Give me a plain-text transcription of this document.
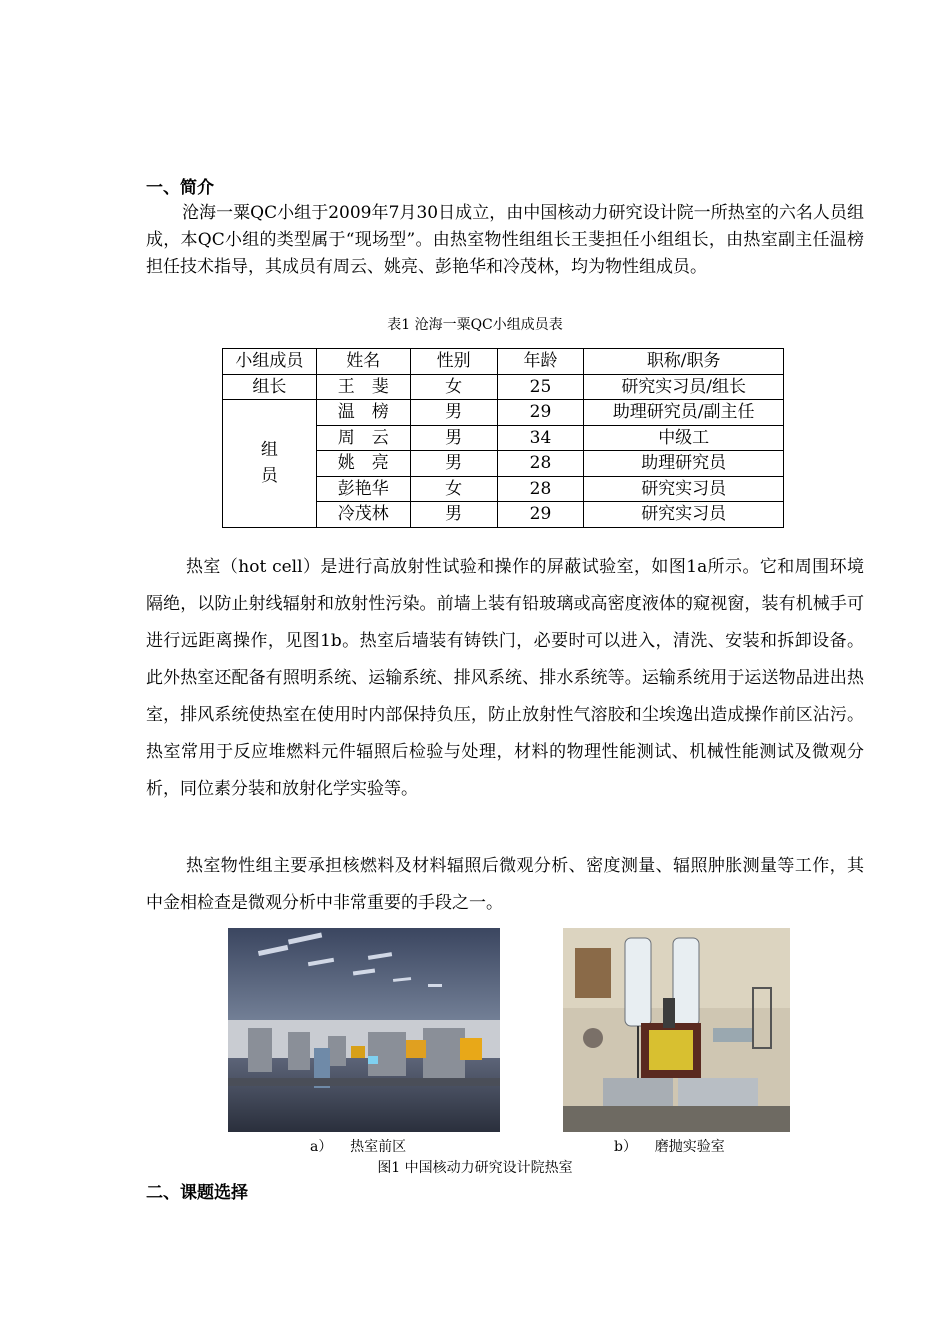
一、简介

沧海一粟QC小组于2009年7月30日成立，由中国核动力研究设计院一所热室的六名人员组成，本QC小组的类型属于“现场型”。由热室物性组组长王斐担任小组组长，由热室副主任温榜担任技术指导，其成员有周云、姚亮、彭艳华和冷茂林，均为物性组成员。

表1 沧海一粟QC小组成员表
小组成员	姓名	性别	年龄	职称/职务
组长	王　斐	女	25	研究实习员/组长
组
员	温　榜	男	29	助理研究员/副主任
	周　云	男	34	中级工
	姚　亮	男	28	助理研究员
	彭艳华	女	28	研究实习员
	冷茂林	男	29	研究实习员

热室（hot cell）是进行高放射性试验和操作的屏蔽试验室，如图1a所示。它和周围环境隔绝，以防止射线辐射和放射性污染。前墙上装有铅玻璃或高密度液体的窥视窗，装有机械手可进行远距离操作，见图1b。热室后墙装有铸铁门，必要时可以进入，清洗、安装和拆卸设备。此外热室还配备有照明系统、运输系统、排风系统、排水系统等。运输系统用于运送物品进出热室，排风系统使热室在使用时内部保持负压，防止放射性气溶胶和尘埃逸出造成操作前区沾污。热室常用于反应堆燃料元件辐照后检验与处理，材料的物理性能测试、机械性能测试及微观分析，同位素分装和放射化学实验等。

热室物性组主要承担核燃料及材料辐照后微观分析、密度测量、辐照肿胀测量等工作，其中金相检查是微观分析中非常重要的手段之一。

a）    热室前区	b）    磨抛实验室
图1 中国核动力研究设计院热室
二、课题选择
